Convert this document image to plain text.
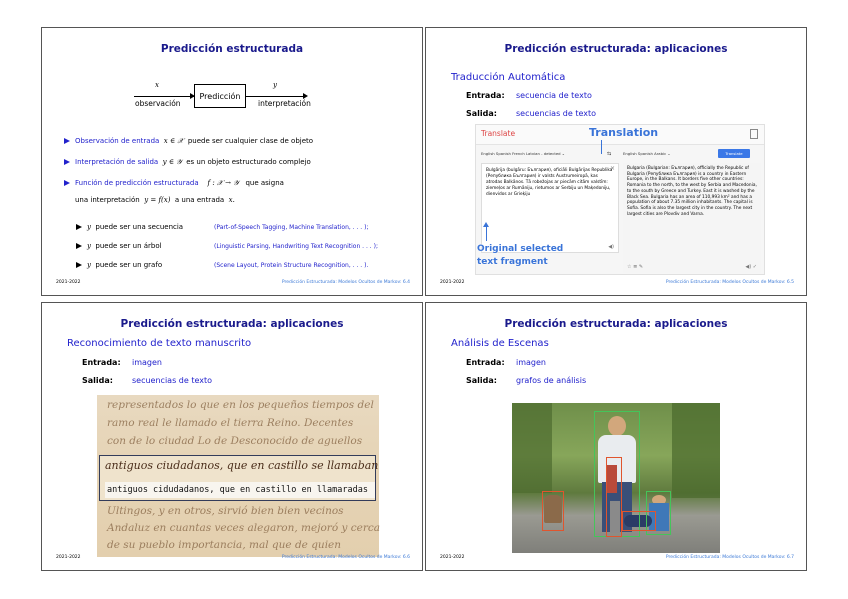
Predicción estructurada
x
Predicción
y
observación	interpretación
Observación de entrada x ∈ 𝒳 puede ser cualquier clase de objeto
Interpretación de salida y ∈ 𝒴 es un objeto estructurado complejo
Función de predicción estructurada f : 𝒳 → 𝒴 que asigna
una interpretación y = f(x) a una entrada x.
y puede ser una secuencia	(Part-of-Speech Tagging, Machine Translation, . . . );
y puede ser un árbol	(Linguistic Parsing, Handwriting Text Recognition . . . );
y puede ser un grafo	(Scene Layout, Protein Structure Recognition, . . . ).
2021-2022	Predicción Estructurada: Modelos Ocultos de Markov: 6.4
Predicción estructurada: aplicaciones
Traducción Automática
Entrada: secuencia de texto
Salida: secuencias de texto
Translate
English Spanish French Latvian - detected ⌄	⇆	English Spanish Arabic ⌄	Translate
Bulgārija (bulgāru: България), oficiāli Bulgārijas Republika (Република България) ir valsts Austrumeiropā, kas atrodas Balkānos. Tā robežojas ar piecām citām valstīm: ziemeļos ar Rumāniju, rietumos ar Serbiju un Maķedoniju, dienvidos ar Grieķiju
×
◀)
Bulgaria (Bulgarian: България), officially the Republic of Bulgaria (Република България) is a country in Eastern Europe, in the Balkans. It borders five other countries: Romania to the north, to the west by Serbia and Macedonia, to the south by Greece and Turkey. East it is washed by the Black Sea. Bulgaria has an area of 110,993 km² and has a population of about 7.35 million inhabitants. The capital is Sofia. Sofia is also the largest city in the country. The next largest cities are Plovdiv and Varna.
☆ ≣ ✎	◀) ✓
Translation
Original selected
text fragment
2021-2022	Predicción Estructurada: Modelos Ocultos de Markov: 6.5
Predicción estructurada: aplicaciones
Reconocimiento de texto manuscrito
Entrada: imagen
Salida: secuencias de texto
representados lo que en los pequeños tiempos del
ramo real le llamado el tierra Reino. Decentes
con de lo ciudad Lo de Desconocido de aguellos
antiguos ciudadanos, que en castillo se llamaban
antiguos cidudadanos, que en castillo en llamaradas
Ultingos, y en otros, sirvió bien bien vecinos
Andaluz en cuantas veces alegaron, mejoró y cerca
de su pueblo importancia, mal que de quien
2021-2022	Predicción Estructurada: Modelos Ocultos de Markov: 6.6
Predicción estructurada: aplicaciones
Análisis de Escenas
Entrada: imagen
Salida: grafos de análisis
2021-2022	Predicción Estructurada: Modelos Ocultos de Markov: 6.7
